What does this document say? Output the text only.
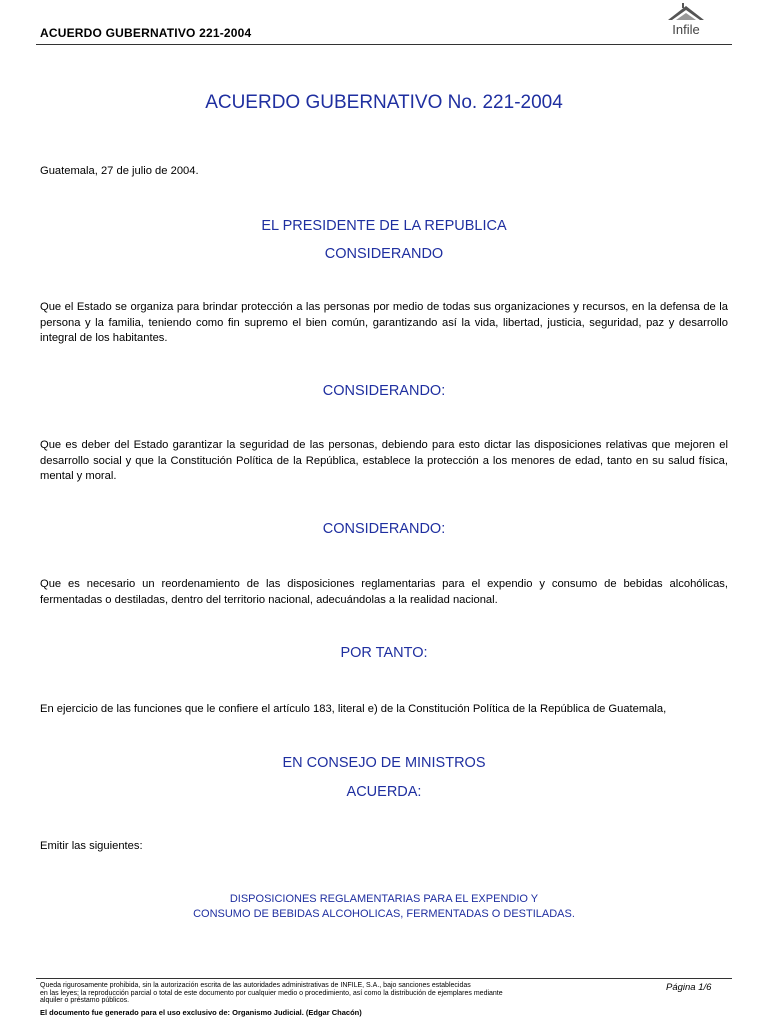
ACUERDO GUBERNATIVO 221-2004	Infile
ACUERDO GUBERNATIVO No. 221-2004
Guatemala, 27 de julio de 2004.
EL PRESIDENTE DE LA REPUBLICA
CONSIDERANDO
Que el Estado se organiza para brindar protección a las personas por medio de todas sus organizaciones y recursos, en la defensa de la persona y la familia, teniendo como fin supremo el bien común, garantizando así la vida, libertad, justicia, seguridad, paz y desarrollo integral de los habitantes.
CONSIDERANDO:
Que es deber del Estado garantizar la seguridad de las personas, debiendo para esto dictar las disposiciones relativas que mejoren el desarrollo social y que la Constitución Política de la República, establece la protección a los menores de edad, tanto en su salud física, mental y moral.
CONSIDERANDO:
Que es necesario un reordenamiento de las disposiciones reglamentarias para el expendio y consumo de bebidas alcohólicas, fermentadas o destiladas, dentro del territorio nacional, adecuándolas a la realidad nacional.
POR TANTO:
En ejercicio de las funciones que le confiere el artículo 183, literal e) de la Constitución Política de la República de Guatemala,
EN CONSEJO DE MINISTROS
ACUERDA:
Emitir las siguientes:
DISPOSICIONES REGLAMENTARIAS PARA EL EXPENDIO Y
CONSUMO DE BEBIDAS ALCOHOLICAS, FERMENTADAS O DESTILADAS.
Queda rigurosamente prohibida, sin la autorización escrita de las autoridades administrativas de INFILE, S.A., bajo sanciones establecidas
en las leyes; la reproducción parcial o total de este documento por cualquier medio o procedimiento, así como la distribución de ejemplares mediante
alquiler o préstamo públicos.
El documento fue generado para el uso exclusivo de: Organismo Judicial. (Edgar Chacón)
Página 1/6
